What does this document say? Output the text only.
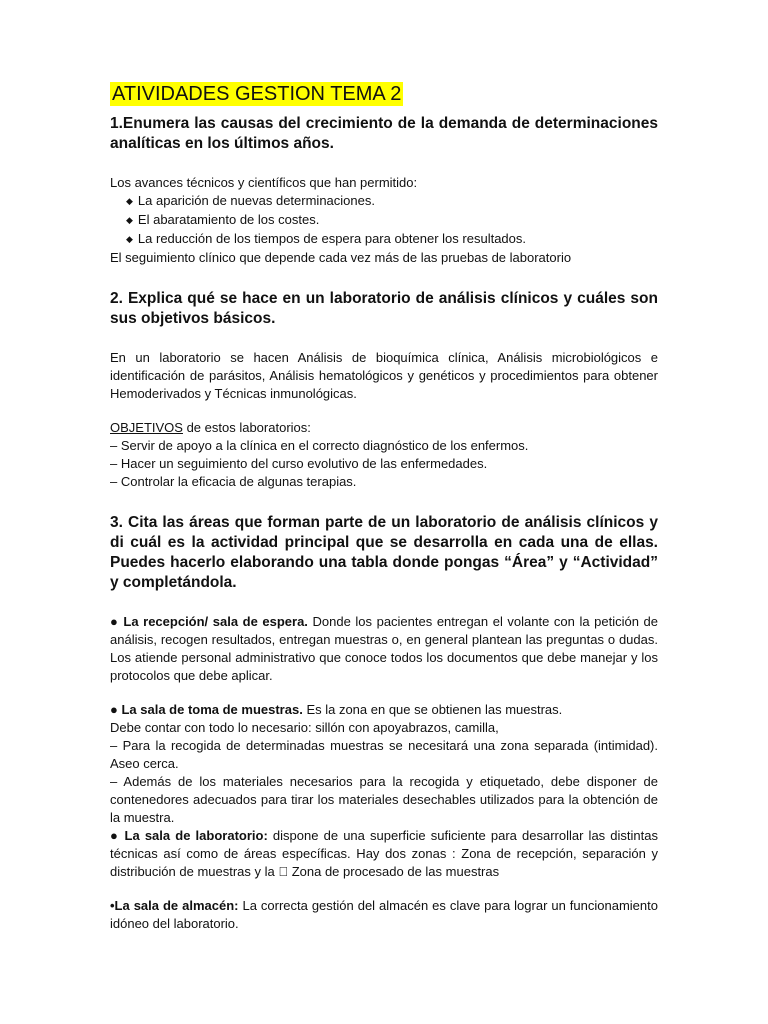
ATIVIDADES GESTION TEMA 2

1.Enumera las causas del crecimiento de la demanda de determinaciones analíticas en los últimos años.

Los avances técnicos y científicos que han permitido:

◆ La aparición de nuevas determinaciones.
◆ El abaratamiento de los costes.
◆ La reducción de los tiempos de espera para obtener los resultados.

El seguimiento clínico que depende cada vez más de las pruebas de laboratorio

2. Explica qué se hace en un laboratorio de análisis clínicos y cuáles son sus objetivos básicos.

En un laboratorio se hacen Análisis de bioquímica clínica, Análisis microbiológicos e identificación de parásitos, Análisis hematológicos y genéticos y procedimientos para obtener Hemoderivados y Técnicas inmunológicas.

OBJETIVOS de estos laboratorios:

– Servir de apoyo a la clínica en el correcto diagnóstico de los enfermos.

– Hacer un seguimiento del curso evolutivo de las enfermedades.

– Controlar la eficacia de algunas terapias.

3. Cita las áreas que forman parte de un laboratorio de análisis clínicos y di cuál es la actividad principal que se desarrolla en cada una de ellas. Puedes hacerlo elaborando una tabla donde pongas “Área” y “Actividad” y completándola.

● La recepción/ sala de espera. Donde los pacientes entregan el volante con la petición de análisis, recogen resultados, entregan muestras o, en general plantean las preguntas o dudas. Los atiende personal administrativo que conoce todos los documentos que debe manejar y los protocolos que debe aplicar.

● La sala de toma de muestras. Es la zona en que se obtienen las muestras.

Debe contar con todo lo necesario: sillón con apoyabrazos, camilla,

– Para la recogida de determinadas muestras se necesitará una zona separada (intimidad). Aseo cerca.

– Además de los materiales necesarios para la recogida y etiquetado, debe disponer de contenedores adecuados para tirar los materiales desechables utilizados para la obtención de la muestra.

● La sala de laboratorio: dispone de una superficie suficiente para desarrollar las distintas técnicas así como de áreas específicas. Hay dos zonas : Zona de recepción, separación y distribución de muestras y la ￿ Zona de procesado de las muestras

•La sala de almacén: La correcta gestión del almacén es clave para lograr un funcionamiento idóneo del laboratorio.
